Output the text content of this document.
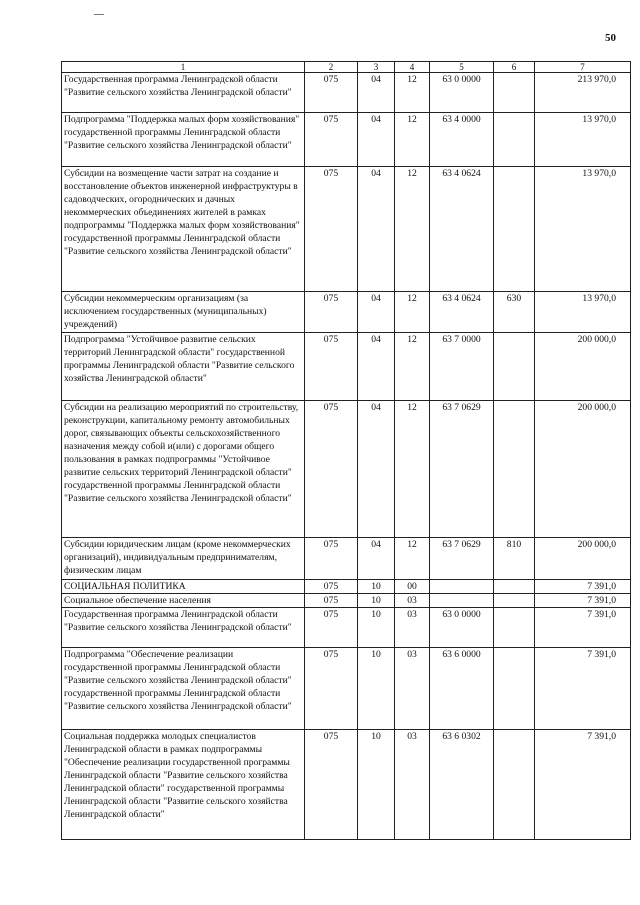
50
1	2	3	4	5	6	7
Государственная программа Ленинградской области "Развитие сельского хозяйства Ленинградской области"	075	04	12	63 0 0000		213 970,0
Подпрограмма "Поддержка малых форм хозяйствования" государственной программы Ленинградской области "Развитие сельского хозяйства Ленинградской области"	075	04	12	63 4 0000		13 970,0
Субсидии на возмещение части затрат на создание и восстановление объектов инженерной инфраструктуры в садоводческих, огороднических и дачных некоммерческих объединениях жителей в рамках подпрограммы "Поддержка малых форм хозяйствования" государственной программы Ленинградской области "Развитие сельского хозяйства Ленинградской области"	075	04	12	63 4 0624		13 970,0
Субсидии некоммерческим организациям (за исключением государственных (муниципальных) учреждений)	075	04	12	63 4 0624	630	13 970,0
Подпрограмма "Устойчивое развитие сельских территорий Ленинградской области" государственной программы Ленинградской области "Развитие сельского хозяйства Ленинградской области"	075	04	12	63 7 0000		200 000,0
Субсидии на реализацию мероприятий по строительству, реконструкции, капитальному ремонту автомобильных дорог, связывающих объекты сельскохозяйственного назначения между собой и(или) с дорогами общего пользования в рамках подпрограммы "Устойчивое развитие сельских территорий Ленинградской области" государственной программы Ленинградской области "Развитие сельского хозяйства Ленинградской области"	075	04	12	63 7 0629		200 000,0
Субсидии юридическим лицам (кроме некоммерческих организаций), индивидуальным предпринимателям, физическим лицам	075	04	12	63 7 0629	810	200 000,0
СОЦИАЛЬНАЯ ПОЛИТИКА	075	10	00			7 391,0
Социальное обеспечение населения	075	10	03			7 391,0
Государственная программа Ленинградской области "Развитие сельского хозяйства Ленинградской области"	075	10	03	63 0 0000		7 391,0
Подпрограмма "Обеспечение реализации государственной программы Ленинградской области "Развитие сельского хозяйства Ленинградской области" государственной программы Ленинградской области "Развитие сельского хозяйства Ленинградской области"	075	10	03	63 6 0000		7 391,0
Социальная поддержка молодых специалистов Ленинградской области в рамках подпрограммы "Обеспечение реализации государственной программы Ленинградской области "Развитие сельского хозяйства Ленинградской области" государственной программы Ленинградской области "Развитие сельского хозяйства Ленинградской области"	075	10	03	63 6 0302		7 391,0
